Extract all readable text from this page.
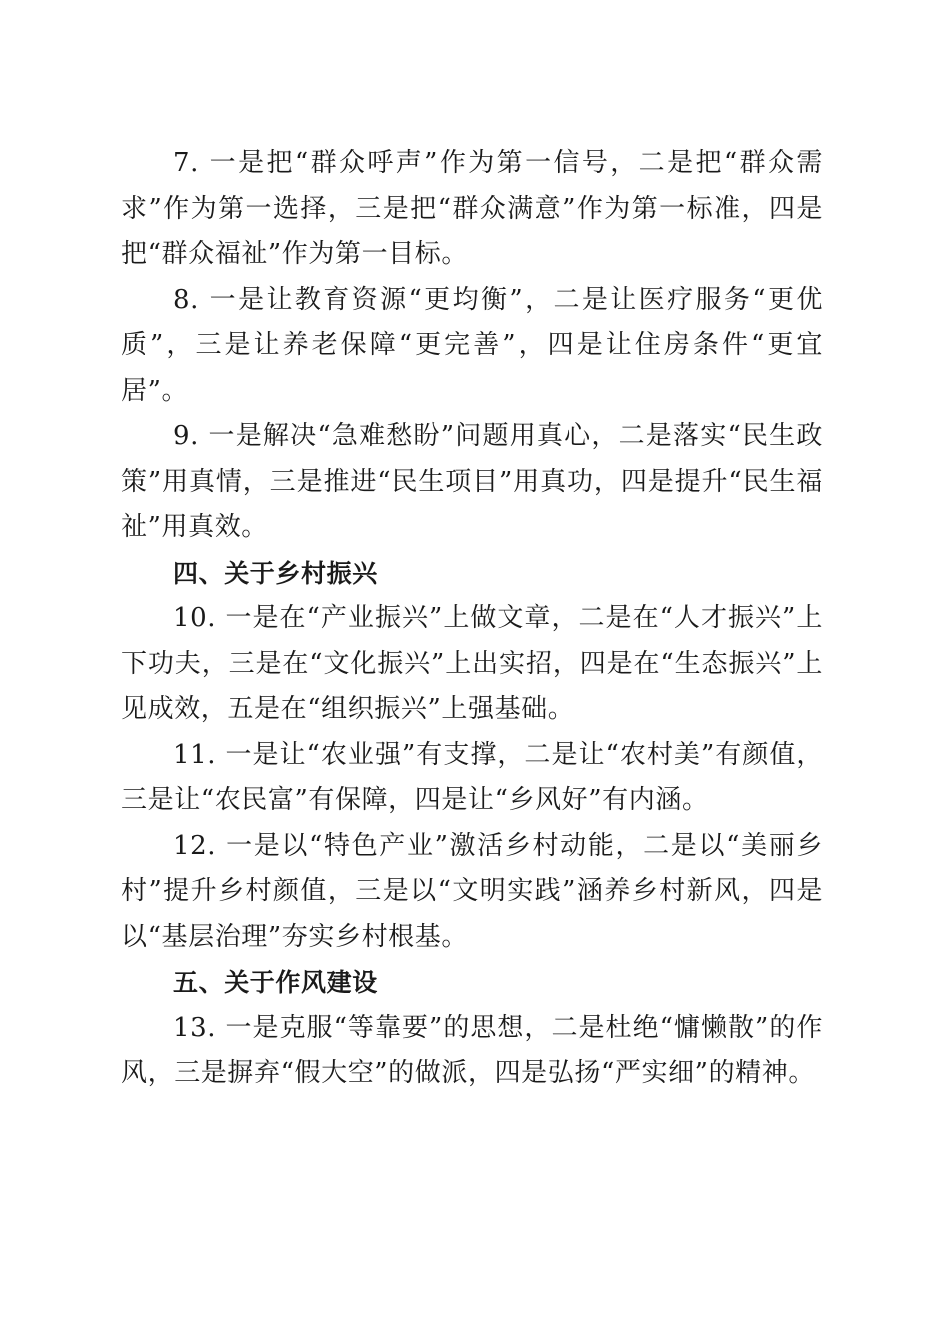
7. 一是把“群众呼声”作为第一信号，二是把“群众需求”作为第一选择，三是把“群众满意”作为第一标准，四是把“群众福祉”作为第一目标。

8. 一是让教育资源“更均衡”，二是让医疗服务“更优质”，三是让养老保障“更完善”，四是让住房条件“更宜居”。

9. 一是解决“急难愁盼”问题用真心，二是落实“民生政策”用真情，三是推进“民生项目”用真功，四是提升“民生福祉”用真效。

四、关于乡村振兴

10. 一是在“产业振兴”上做文章，二是在“人才振兴”上下功夫，三是在“文化振兴”上出实招，四是在“生态振兴”上见成效，五是在“组织振兴”上强基础。

11. 一是让“农业强”有支撑，二是让“农村美”有颜值，三是让“农民富”有保障，四是让“乡风好”有内涵。

12. 一是以“特色产业”激活乡村动能，二是以“美丽乡村”提升乡村颜值，三是以“文明实践”涵养乡村新风，四是以“基层治理”夯实乡村根基。

五、关于作风建设

13. 一是克服“等靠要”的思想，二是杜绝“慵懒散”的作风，三是摒弃“假大空”的做派，四是弘扬“严实细”的精神。
